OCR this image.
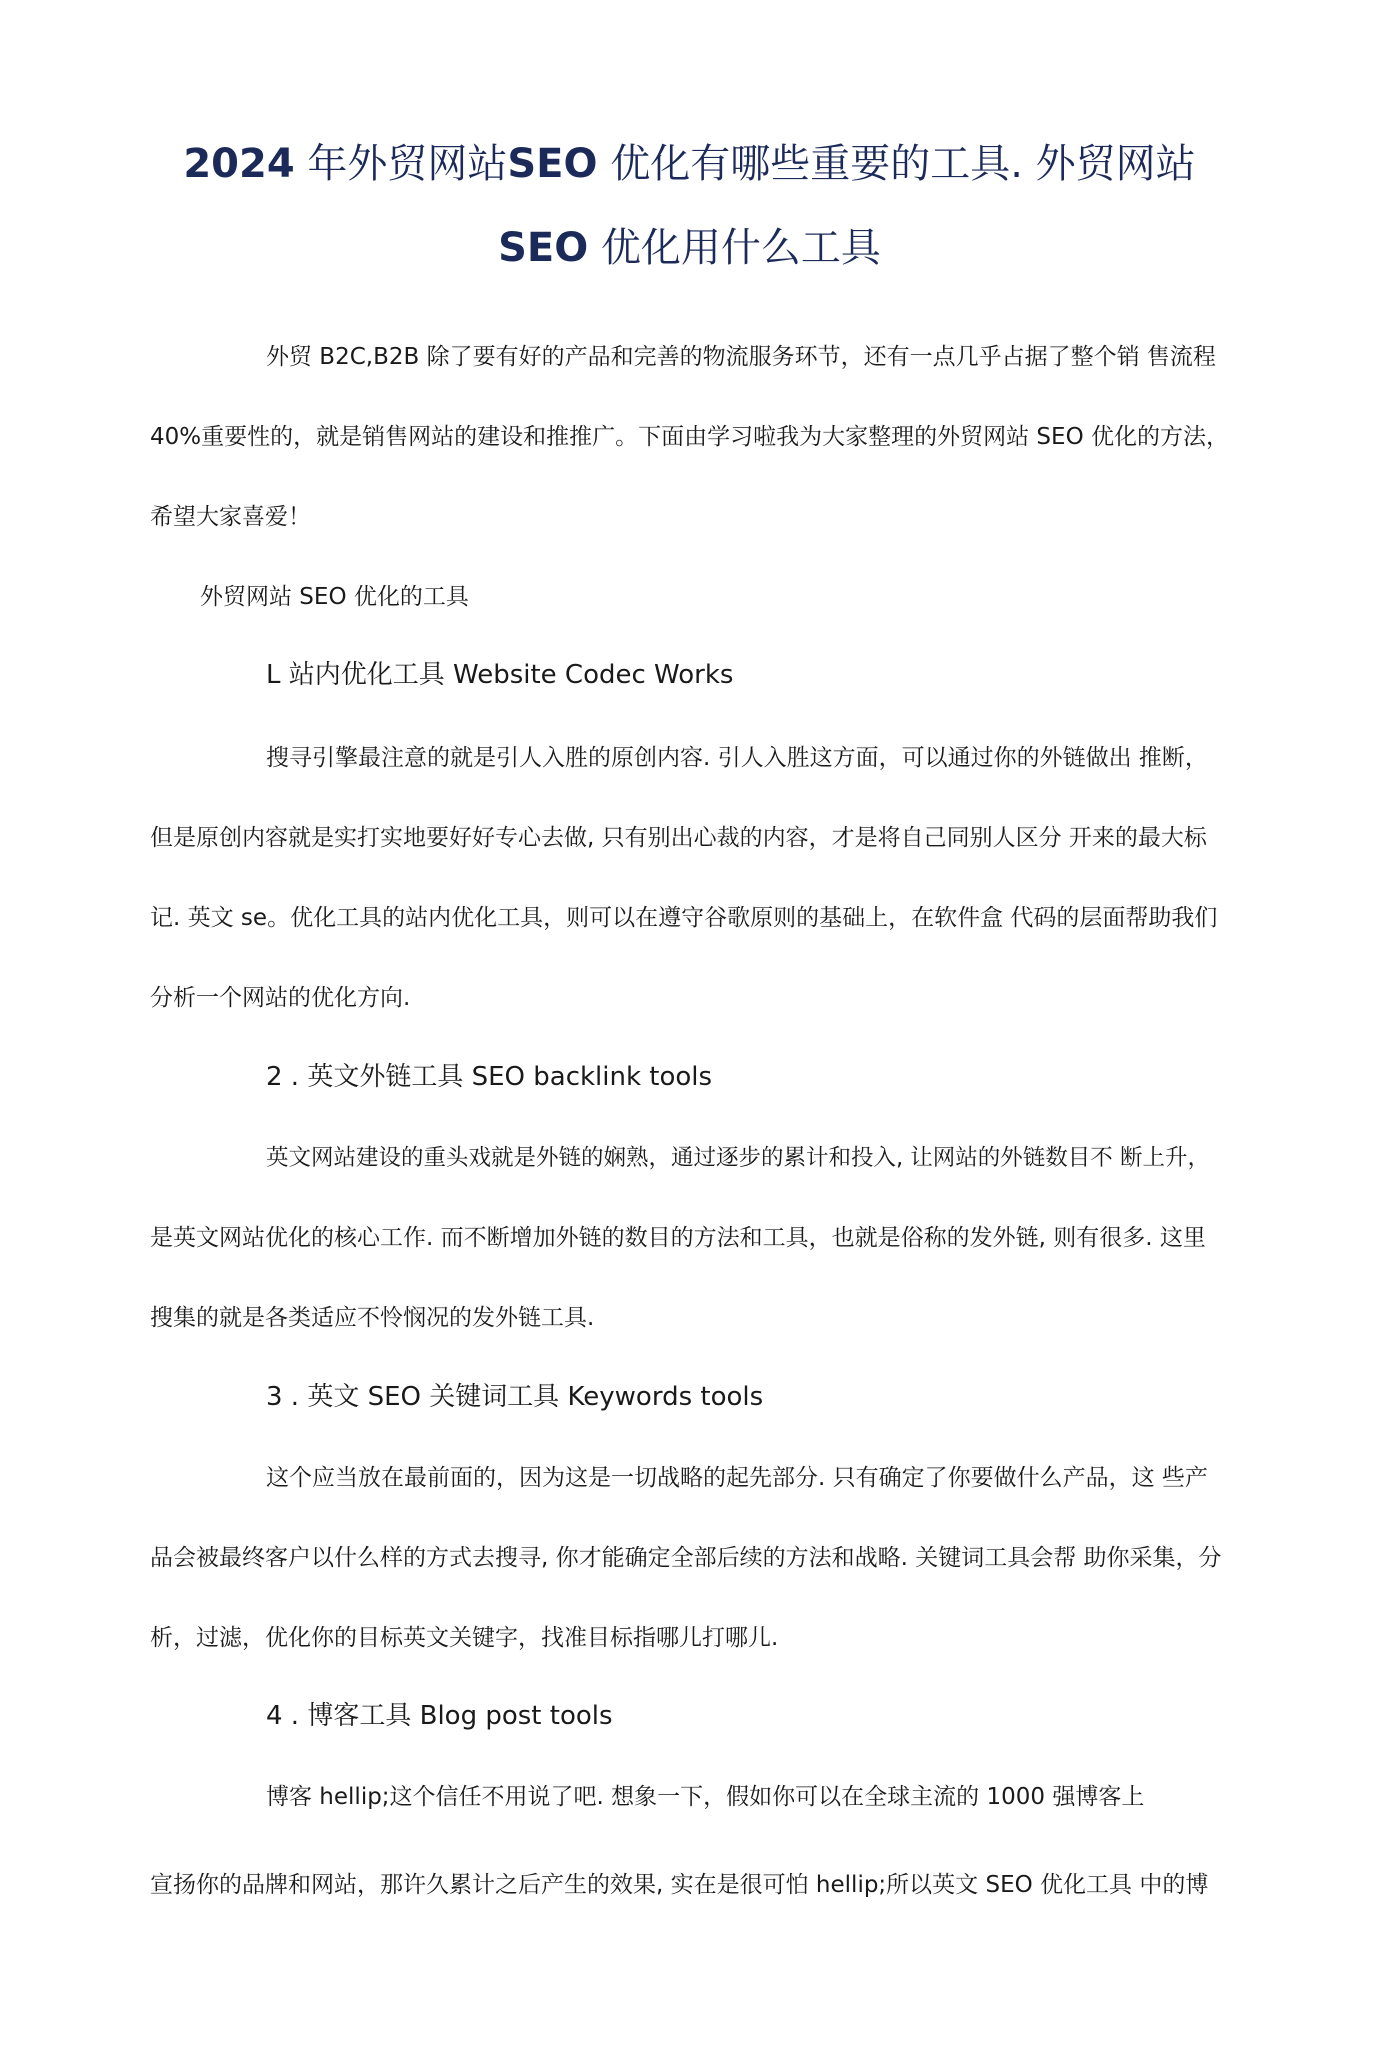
2024 年外贸网站SEO 优化有哪些重要的工具. 外贸网站
SEO 优化用什么工具
外贸 B2C,B2B 除了要有好的产品和完善的物流服务环节，还有一点几乎占据了整个销 售流程
40%重要性的，就是销售网站的建设和推推广。下面由学习啦我为大家整理的外贸网站 SEO 优化的方法，
希望大家喜爱！
外贸网站 SEO 优化的工具
L 站内优化工具 Website Codec Works
搜寻引擎最注意的就是引人入胜的原创内容. 引人入胜这方面，可以通过你的外链做出 推断，
但是原创内容就是实打实地要好好专心去做, 只有别出心裁的内容，才是将自己同别人区分 开来的最大标
记. 英文 se。优化工具的站内优化工具，则可以在遵守谷歌原则的基础上，在软件盒 代码的层面帮助我们
分析一个网站的优化方向.
2 . 英文外链工具 SEO backlink tools
英文网站建设的重头戏就是外链的娴熟，通过逐步的累计和投入, 让网站的外链数目不 断上升，
是英文网站优化的核心工作. 而不断增加外链的数目的方法和工具，也就是俗称的发外链, 则有很多. 这里
搜集的就是各类适应不怜悯况的发外链工具.
3 . 英文 SEO 关键词工具 Keywords tools
这个应当放在最前面的，因为这是一切战略的起先部分. 只有确定了你要做什么产品，这 些产
品会被最终客户以什么样的方式去搜寻, 你才能确定全部后续的方法和战略. 关键词工具会帮 助你采集，分
析，过滤，优化你的目标英文关键字，找准目标指哪儿打哪儿.
4 . 博客工具 Blog post tools
博客 hellip;这个信任不用说了吧. 想象一下，假如你可以在全球主流的 1000 强博客上
宣扬你的品牌和网站，那许久累计之后产生的效果, 实在是很可怕 hellip;所以英文 SEO 优化工具 中的博
